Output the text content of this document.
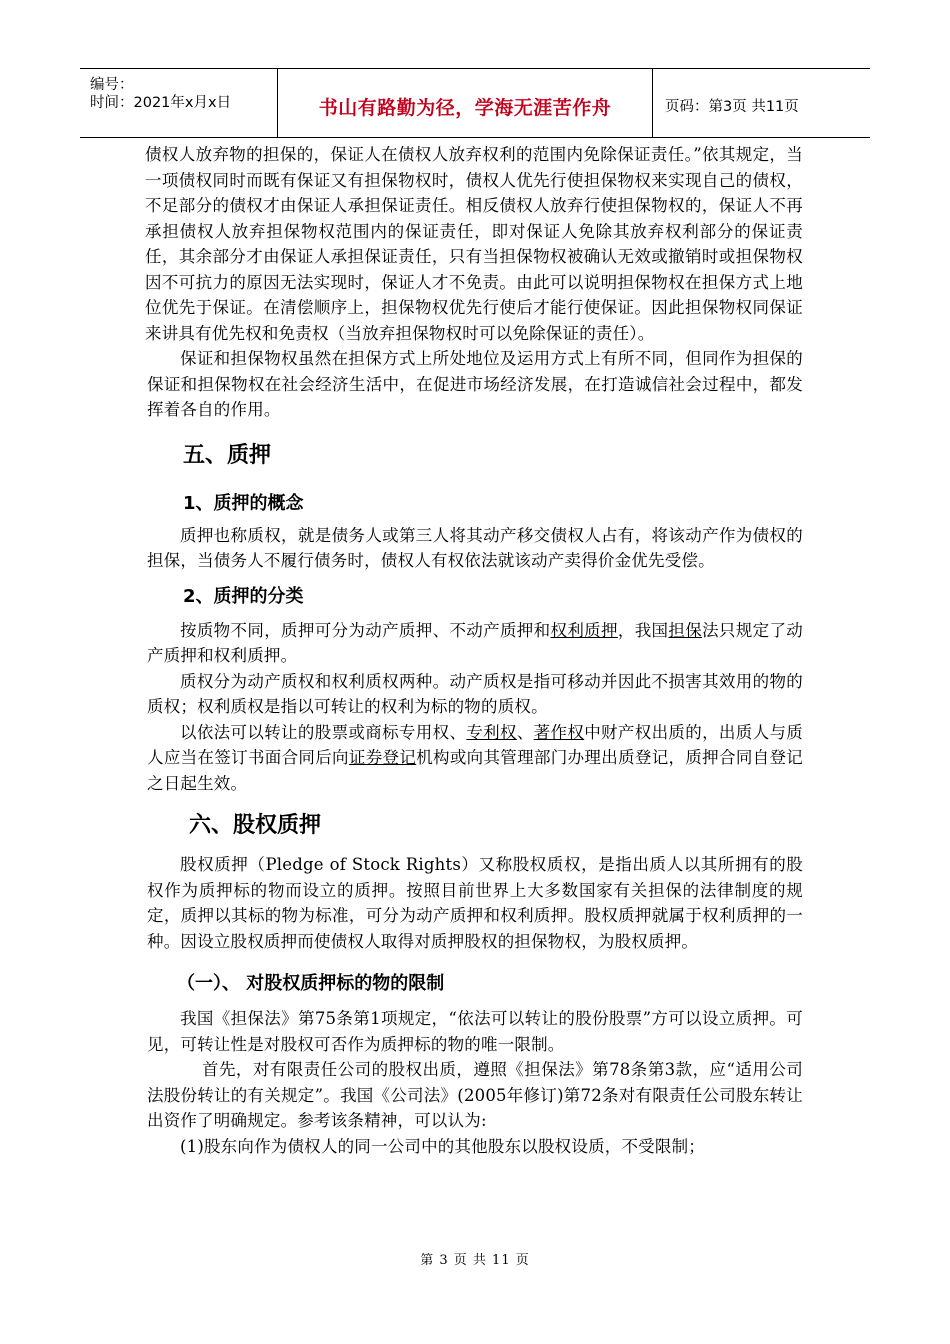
编号：
时间：2021年x月x日	书山有路勤为径，学海无涯苦作舟	页码：第3页 共11页

债权人放弃物的担保的，保证人在债权人放弃权利的范围内免除保证责任。”依其规定，当一项债权同时而既有保证又有担保物权时，债权人优先行使担保物权来实现自己的债权，不足部分的债权才由保证人承担保证责任。相反债权人放弃行使担保物权的，保证人不再承担债权人放弃担保物权范围内的保证责任，即对保证人免除其放弃权利部分的保证责任，其余部分才由保证人承担保证责任，只有当担保物权被确认无效或撤销时或担保物权因不可抗力的原因无法实现时，保证人才不免责。由此可以说明担保物权在担保方式上地位优先于保证。在清偿顺序上，担保物权优先行使后才能行使保证。因此担保物权同保证来讲具有优先权和免责权（当放弃担保物权时可以免除保证的责任）。

保证和担保物权虽然在担保方式上所处地位及运用方式上有所不同，但同作为担保的保证和担保物权在社会经济生活中，在促进市场经济发展，在打造诚信社会过程中，都发挥着各自的作用。

五、质押
1、质押的概念

质押也称质权，就是债务人或第三人将其动产移交债权人占有，将该动产作为债权的担保，当债务人不履行债务时，债权人有权依法就该动产卖得价金优先受偿。

2、质押的分类

按质物不同，质押可分为动产质押、不动产质押和权利质押，我国担保法只规定了动产质押和权利质押。

质权分为动产质权和权利质权两种。动产质权是指可移动并因此不损害其效用的物的质权；权利质权是指以可转让的权利为标的物的质权。

以依法可以转让的股票或商标专用权、专利权、著作权中财产权出质的，出质人与质人应当在签订书面合同后向证券登记机构或向其管理部门办理出质登记，质押合同自登记之日起生效。

六、股权质押

股权质押（Pledge of Stock Rights）又称股权质权，是指出质人以其所拥有的股权作为质押标的物而设立的质押。按照目前世界上大多数国家有关担保的法律制度的规定，质押以其标的物为标准，可分为动产质押和权利质押。股权质押就属于权利质押的一种。因设立股权质押而使债权人取得对质押股权的担保物权，为股权质押。

（一）、 对股权质押标的物的限制

我国《担保法》第75条第1项规定，“依法可以转让的股份股票”方可以设立质押。可见，可转让性是对股权可否作为质押标的物的唯一限制。

首先，对有限责任公司的股权出质，遵照《担保法》第78条第3款，应“适用公司法股份转让的有关规定”。我国《公司法》(2005年修订)第72条对有限责任公司股东转让出资作了明确规定。参考该条精神，可以认为:

(1)股东向作为债权人的同一公司中的其他股东以股权设质，不受限制；

第 3 页 共 11 页
